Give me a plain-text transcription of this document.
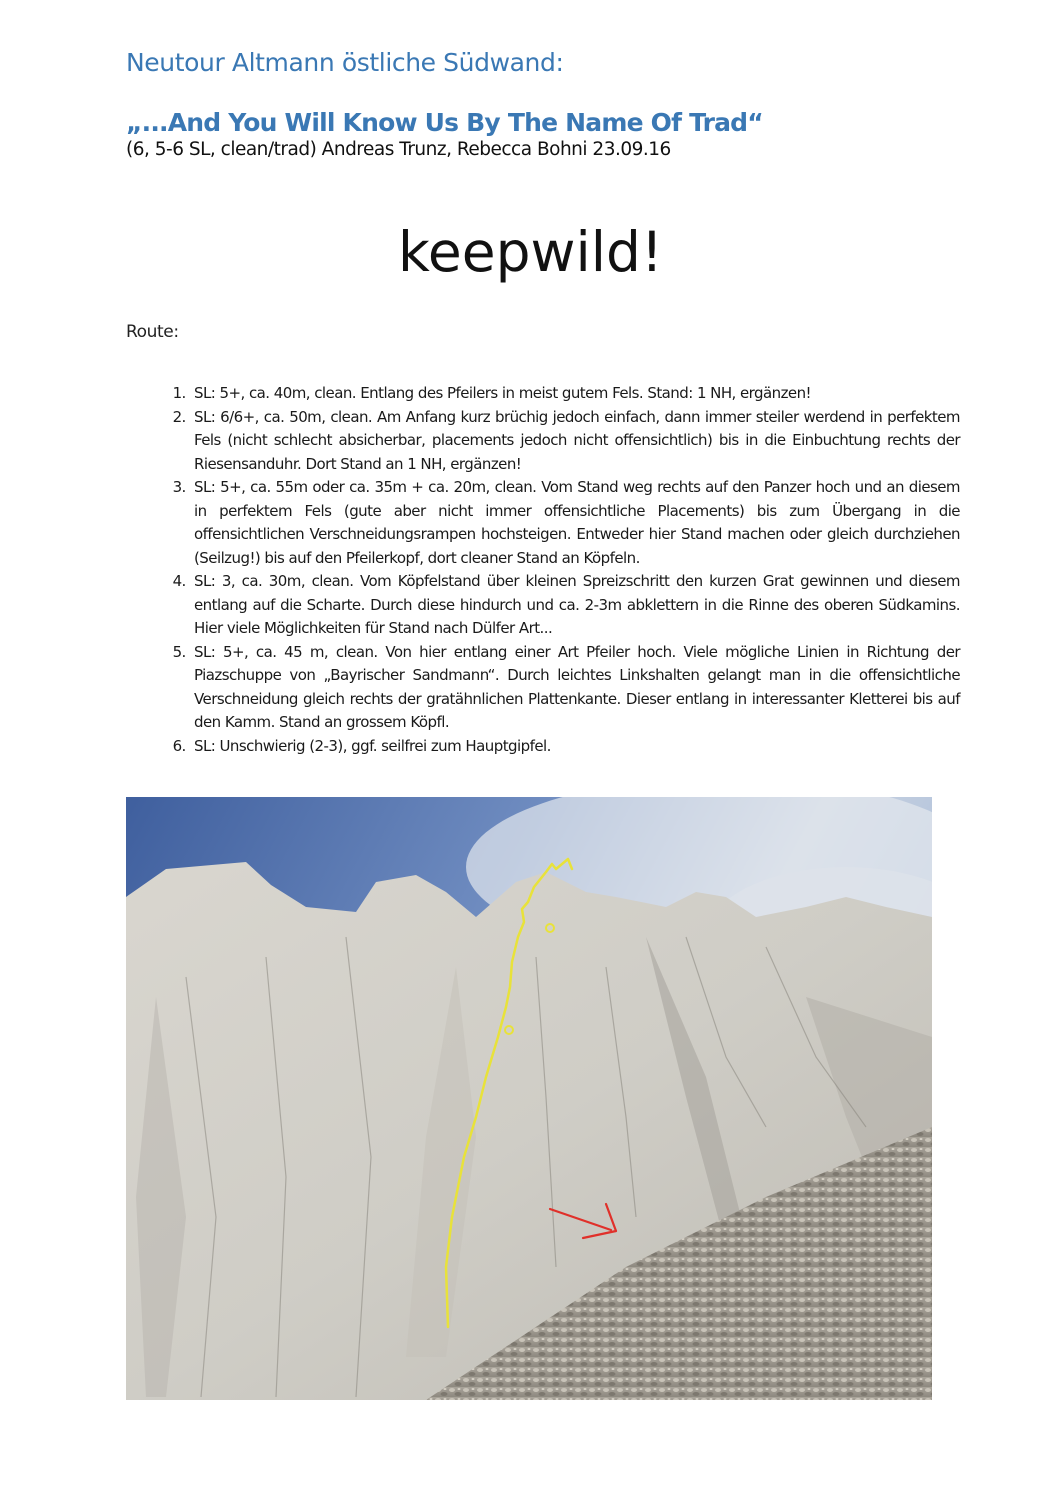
Neutour Altmann östliche Südwand:
„...And You Will Know Us By The Name Of Trad“
(6, 5-6 SL, clean/trad) Andreas Trunz, Rebecca Bohni 23.09.16
keepwild!
Route:
1. SL: 5+, ca. 40m, clean. Entlang des Pfeilers in meist gutem Fels. Stand: 1 NH, ergänzen!
2. SL: 6/6+, ca. 50m, clean. Am Anfang kurz brüchig jedoch einfach, dann immer steiler werdend in perfektem Fels (nicht schlecht absicherbar, placements jedoch nicht offensichtlich) bis in die Einbuchtung rechts der Riesensanduhr. Dort Stand an 1 NH, ergänzen!
3. SL: 5+, ca. 55m oder ca. 35m + ca. 20m, clean. Vom Stand weg rechts auf den Panzer hoch und an diesem in perfektem Fels (gute aber nicht immer offensichtliche Placements) bis zum Übergang in die offensichtlichen Verschneidungsrampen hochsteigen. Entweder hier Stand machen oder gleich durchziehen (Seilzug!) bis auf den Pfeilerkopf, dort cleaner Stand an Köpfeln.
4. SL: 3, ca. 30m, clean. Vom Köpfelstand über kleinen Spreizschritt den kurzen Grat gewinnen und diesem entlang auf die Scharte. Durch diese hindurch und ca. 2-3m abklettern in die Rinne des oberen Südkamins. Hier viele Möglichkeiten für Stand nach Dülfer Art...
5. SL: 5+, ca. 45 m, clean. Von hier entlang einer Art Pfeiler hoch. Viele mögliche Linien in Richtung der Piazschuppe von „Bayrischer Sandmann“. Durch leichtes Linkshalten gelangt man in die offensichtliche Verschneidung gleich rechts der gratähnlichen Plattenkante. Dieser entlang in interessanter Kletterei bis auf den Kamm. Stand an grossem Köpfl.
6. SL: Unschwierig (2-3), ggf. seilfrei zum Hauptgipfel.
